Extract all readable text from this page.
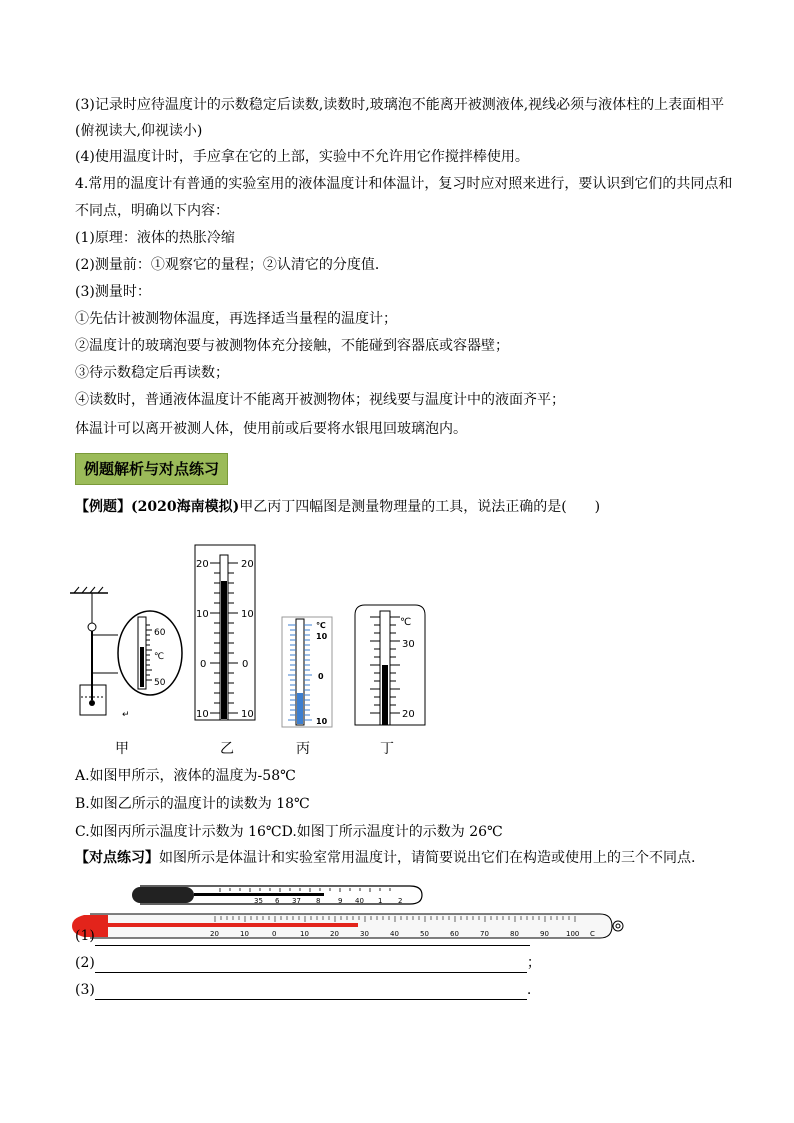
(3)记录时应待温度计的示数稳定后读数,读数时,玻璃泡不能离开被测液体,视线必须与液体柱的上表面相平
(俯视读大,仰视读小)
(4)使用温度计时，手应拿在它的上部，实验中不允许用它作搅拌棒使用。
4.常用的温度计有普通的实验室用的液体温度计和体温计，复习时应对照来进行，要认识到它们的共同点和
不同点，明确以下内容：
(1)原理：液体的热胀冷缩
(2)测量前：①观察它的量程；②认清它的分度值．
(3)测量时：
①先估计被测物体温度，再选择适当量程的温度计；
②温度计的玻璃泡要与被测物体充分接触，不能碰到容器底或容器壁；
③待示数稳定后再读数；
④读数时，普通液体温度计不能离开被测物体；视线要与温度计中的液面齐平；
体温计可以离开被测人体，使用前或后要将水银甩回玻璃泡内。
例题解析与对点练习
【例题】(2020海南模拟)甲乙丙丁四幅图是测量物理量的工具，说法正确的是(　　)
60
℃
50
↵
20	20
10	10
0	0
10	10
℃
10
0
10
℃
30
20
甲	乙	丙	丁
A.如图甲所示，液体的温度为-58℃
B.如图乙所示的温度计的读数为 18℃
C.如图丙所示温度计示数为 16℃D.如图丁所示温度计的示数为 26℃
【对点练习】如图所示是体温计和实验室常用温度计，请简要说出它们在构造或使用上的三个不同点.
35 6 37 8	9 40 1 2
20	10	0	10	20	30	40	50	60	70	80	90 100 C
(1)
(2)	；
(3)	.
